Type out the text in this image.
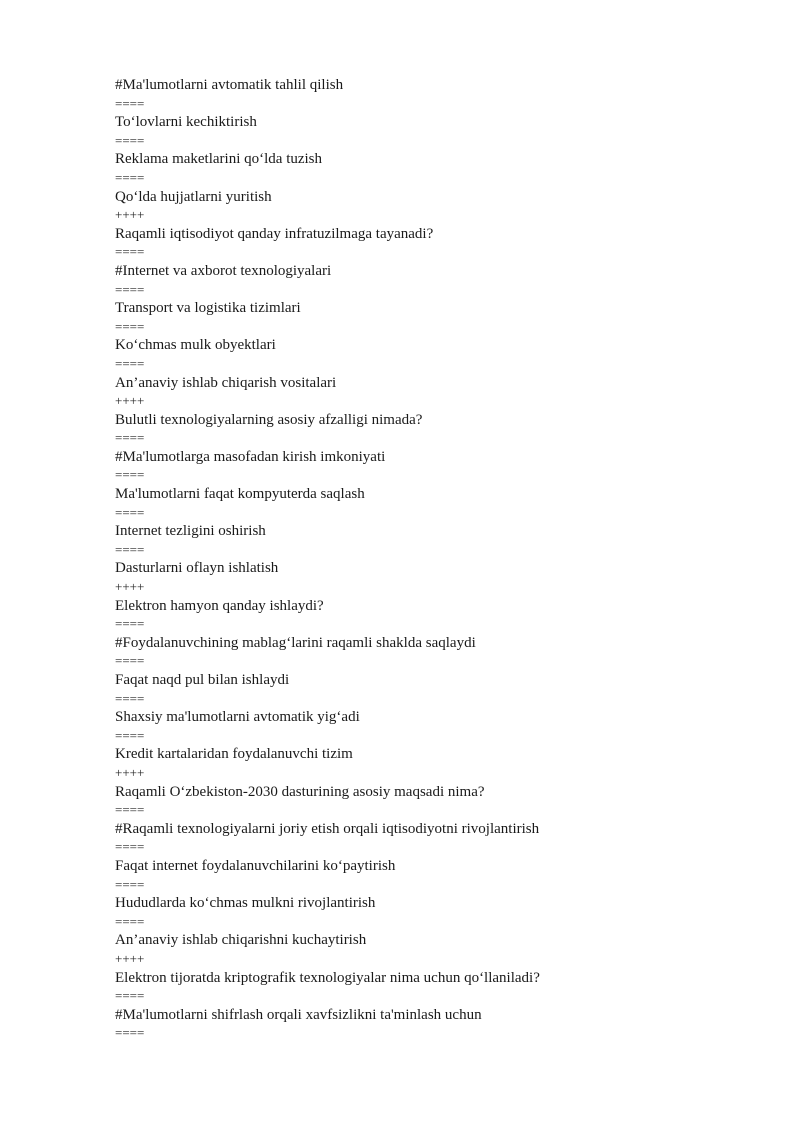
#Ma'lumotlarni avtomatik tahlil qilish
====
To‘lovlarni kechiktirish
====
Reklama maketlarini qo‘lda tuzish
====
Qo‘lda hujjatlarni yuritish
++++
Raqamli iqtisodiyot qanday infratuzilmaga tayanadi?
====
#Internet va axborot texnologiyalari
====
Transport va logistika tizimlari
====
Ko‘chmas mulk obyektlari
====
An’anaviy ishlab chiqarish vositalari
++++
Bulutli texnologiyalarning asosiy afzalligi nimada?
====
#Ma'lumotlarga masofadan kirish imkoniyati
====
Ma'lumotlarni faqat kompyuterda saqlash
====
Internet tezligini oshirish
====
Dasturlarni oflayn ishlatish
++++
Elektron hamyon qanday ishlaydi?
====
#Foydalanuvchining mablag‘larini raqamli shaklda saqlaydi
====
Faqat naqd pul bilan ishlaydi
====
Shaxsiy ma'lumotlarni avtomatik yig‘adi
====
Kredit kartalaridan foydalanuvchi tizim
++++
Raqamli O‘zbekiston-2030 dasturining asosiy maqsadi nima?
====
#Raqamli texnologiyalarni joriy etish orqali iqtisodiyotni rivojlantirish
====
Faqat internet foydalanuvchilarini ko‘paytirish
====
Hududlarda ko‘chmas mulkni rivojlantirish
====
An’anaviy ishlab chiqarishni kuchaytirish
++++
Elektron tijoratda kriptografik texnologiyalar nima uchun qo‘llaniladi?
====
#Ma'lumotlarni shifrlash orqali xavfsizlikni ta'minlash uchun
====
